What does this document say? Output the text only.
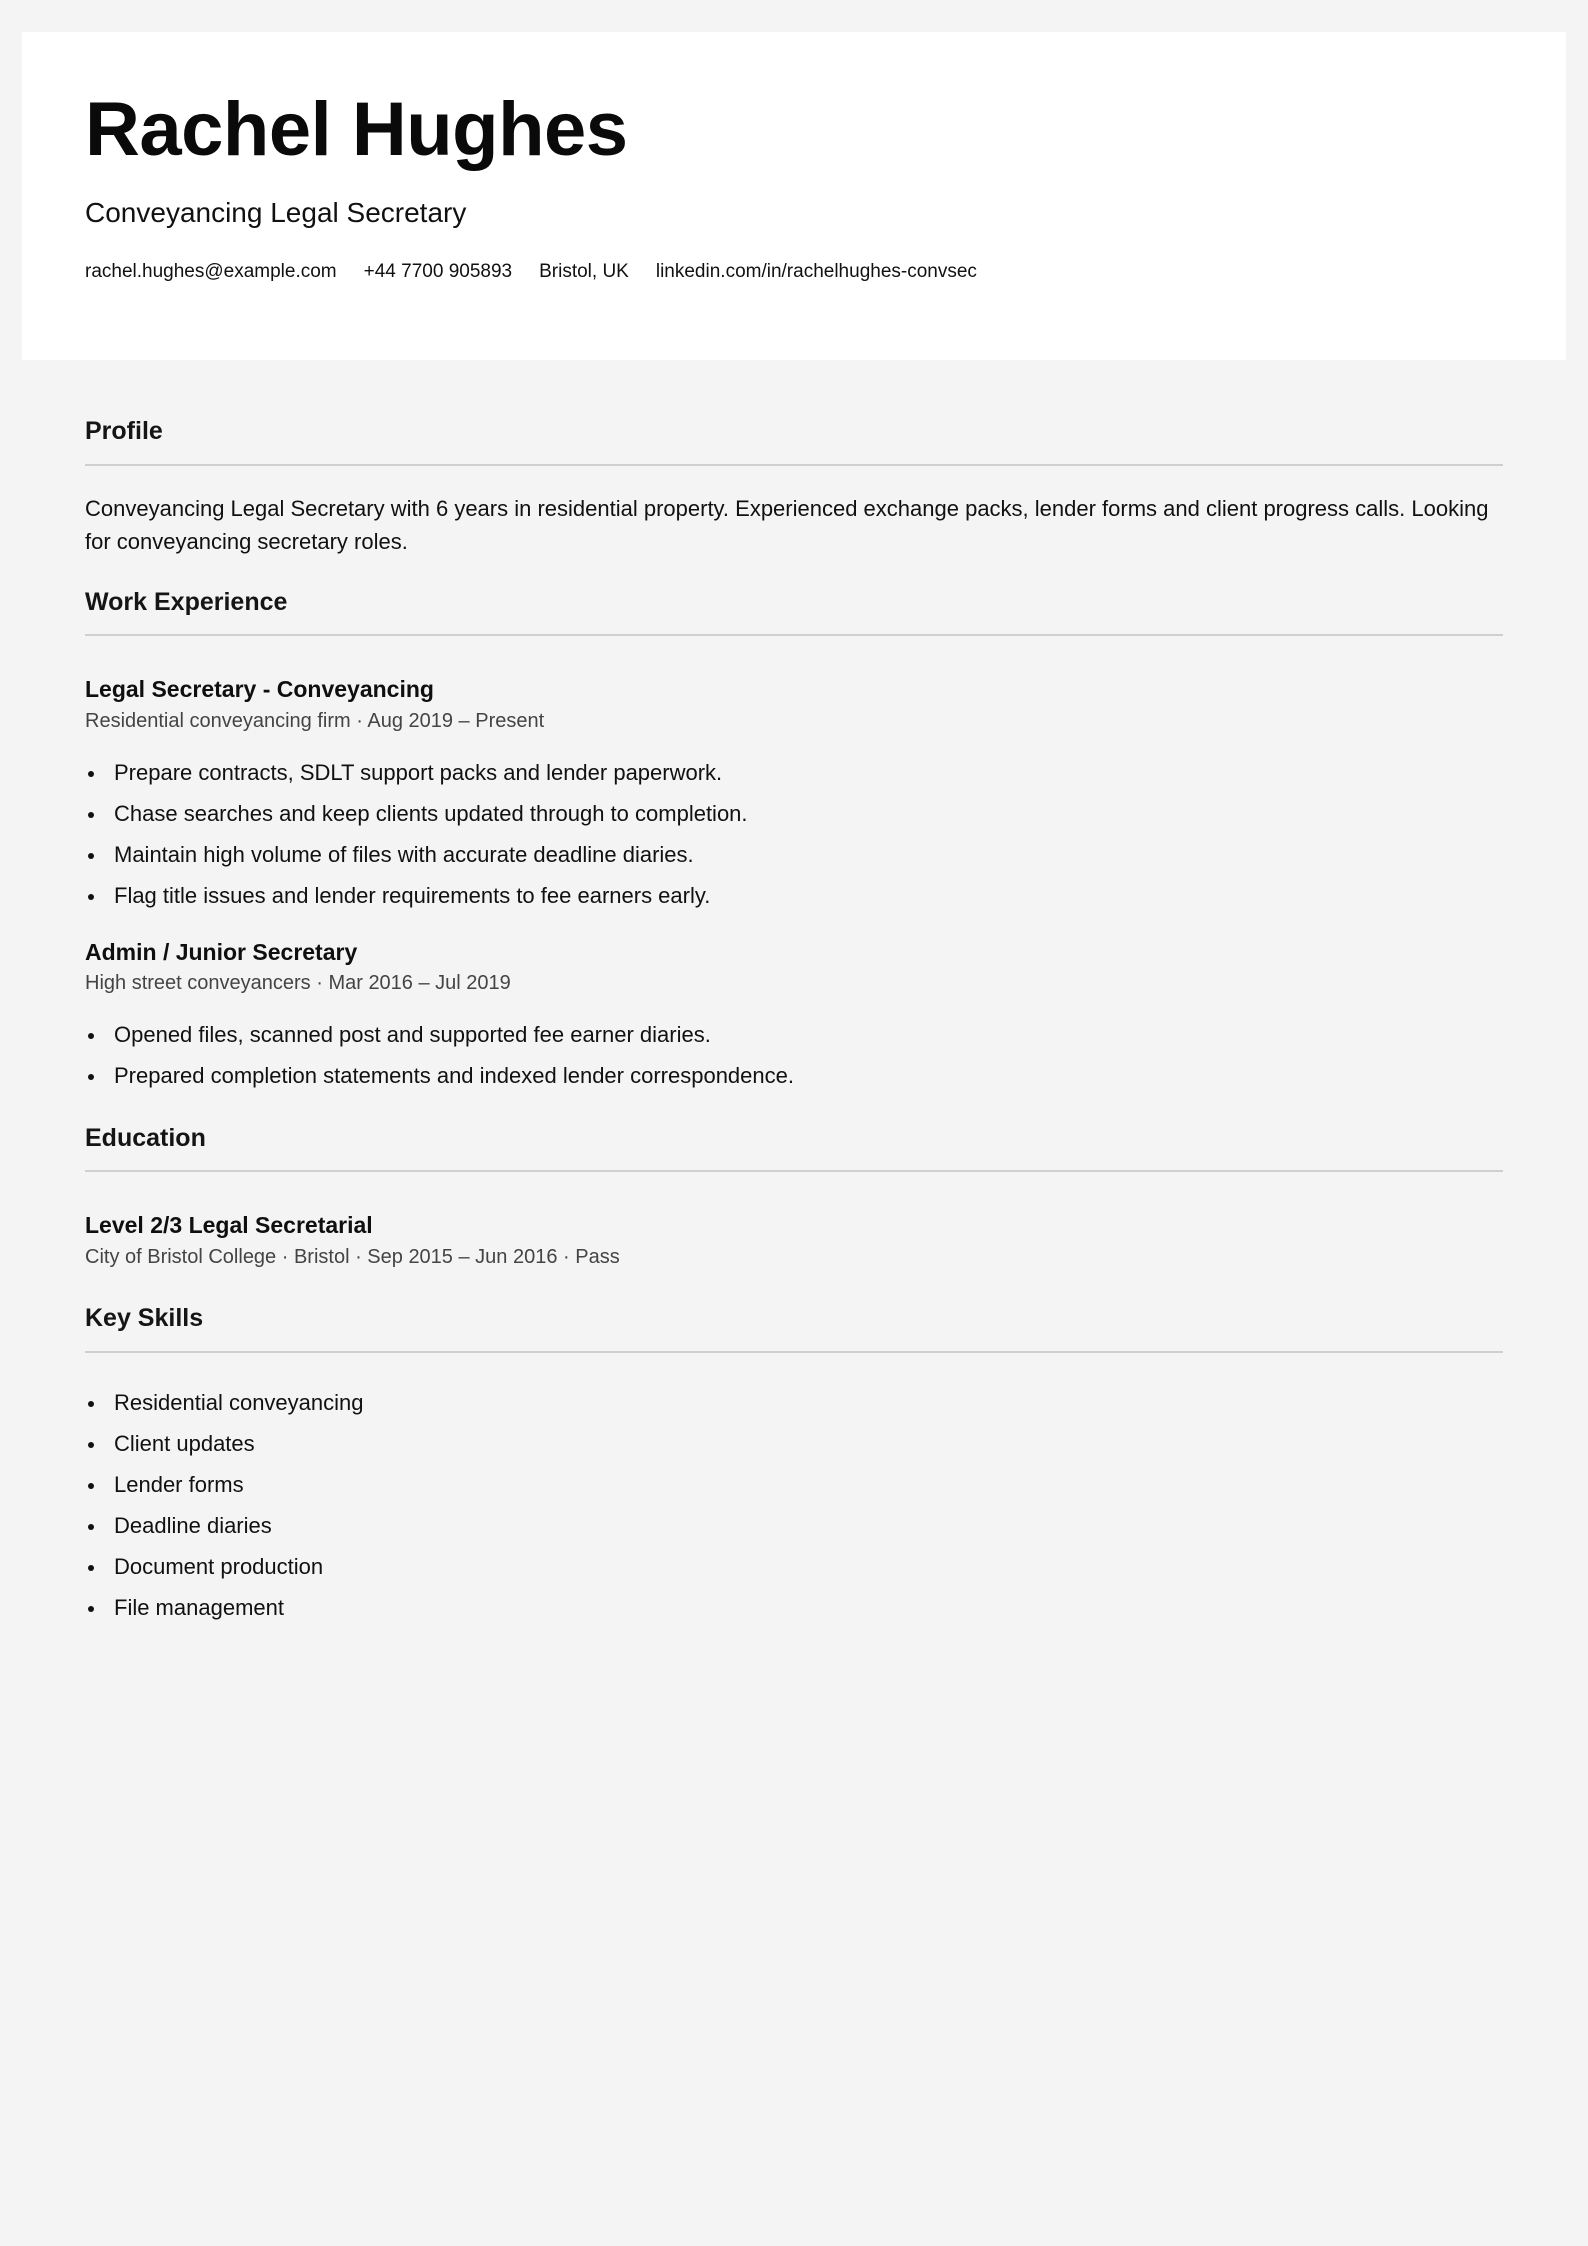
Rachel Hughes
Conveyancing Legal Secretary
rachel.hughes@example.com +44 7700 905893 Bristol, UK linkedin.com/in/rachelhughes-convsec
Profile

Conveyancing Legal Secretary with 6 years in residential property. Experienced exchange packs, lender forms and client progress calls. Looking for conveyancing secretary roles.

Work Experience
Legal Secretary - Conveyancing
Residential conveyancing firm · Aug 2019 – Present
Prepare contracts, SDLT support packs and lender paperwork.
Chase searches and keep clients updated through to completion.
Maintain high volume of files with accurate deadline diaries.
Flag title issues and lender requirements to fee earners early.
Admin / Junior Secretary
High street conveyancers · Mar 2016 – Jul 2019
Opened files, scanned post and supported fee earner diaries.
Prepared completion statements and indexed lender correspondence.
Education
Level 2/3 Legal Secretarial
City of Bristol College · Bristol · Sep 2015 – Jun 2016 · Pass
Key Skills
Residential conveyancing
Client updates
Lender forms
Deadline diaries
Document production
File management
